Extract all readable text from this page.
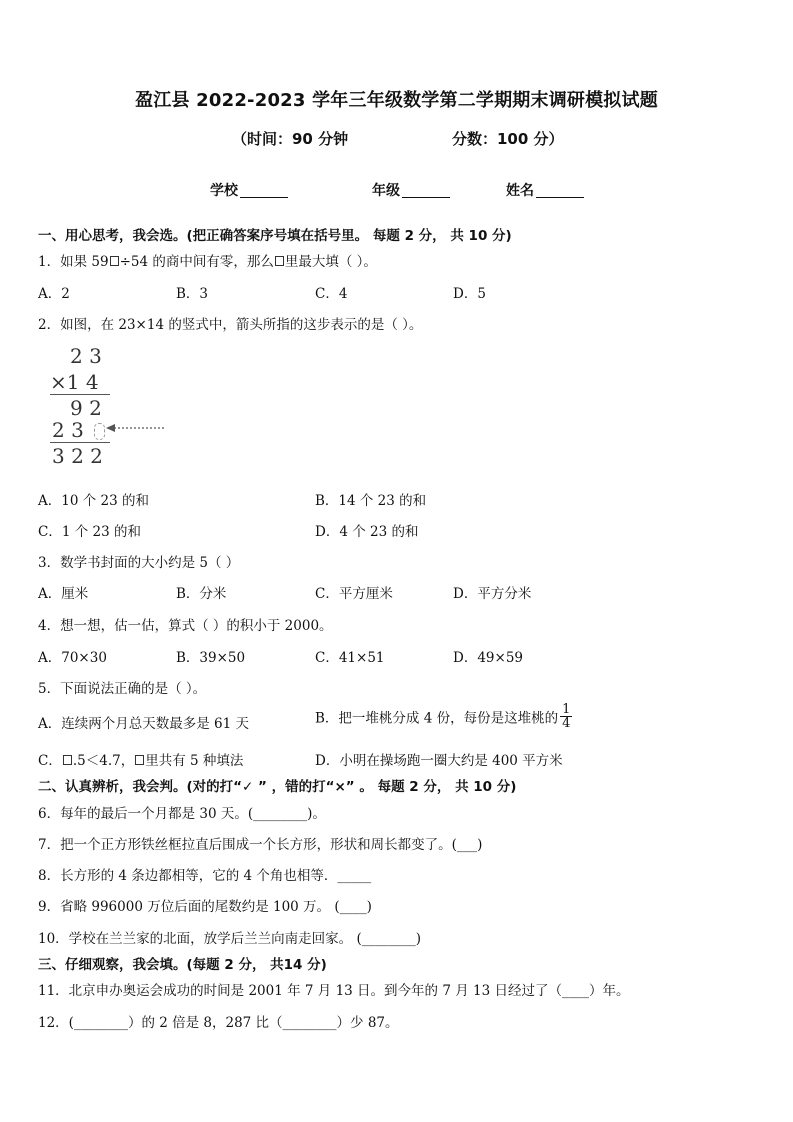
盈江县 2022-2023 学年三年级数学第二学期期末调研模拟试题
（时间：90 分钟	分数：100 分）
学校	年级	姓名
一、用心思考，我会选。(把正确答案序号填在括号里。 每题 2 分， 共 10 分)
1．如果 59 ÷54 的商中间有零，那么 里最大填（ ）。
A．2	B．3	C．4	D．5
2．如图，在 23×14 的竖式中，箭头所指的这步表示的是（ ）。
2 3
×1 4
9 2
2 3
3 2 2
A．10 个 23 的和	B．14 个 23 的和
C．1 个 23 的和	D．4 个 23 的和
3．数学书封面的大小约是 5（ ）
A．厘米	B．分米	C．平方厘米	D．平方分米
4．想一想，估一估，算式（ ）的积小于 2000。
A．70×30	B．39×50	C．41×51	D．49×59
5．下面说法正确的是（ ）。
A．连续两个月总天数最多是 61 天	B．把一堆桃分成 4 份，每份是这堆桃的 $\frac{1}{4}$
C． .5＜4.7， 里共有 5 种填法	D．小明在操场跑一圈大约是 400 平方米
二、认真辨析，我会判。(对的打“✓ ” ，错的打“×” 。 每题 2 分， 共 10 分)
6．每年的最后一个月都是 30 天。(________)。
7．把一个正方形铁丝框拉直后围成一个长方形，形状和周长都变了。(___)
8．长方形的 4 条边都相等，它的 4 个角也相等．_____
9．省略 996000 万位后面的尾数约是 100 万。 (____)
10．学校在兰兰家的北面，放学后兰兰向南走回家。 (________)
三、仔细观察，我会填。(每题 2 分， 共14 分)
11．北京申办奥运会成功的时间是 2001 年 7 月 13 日。到今年的 7 月 13 日经过了（____）年。
12．(________）的 2 倍是 8，287 比（________）少 87。
